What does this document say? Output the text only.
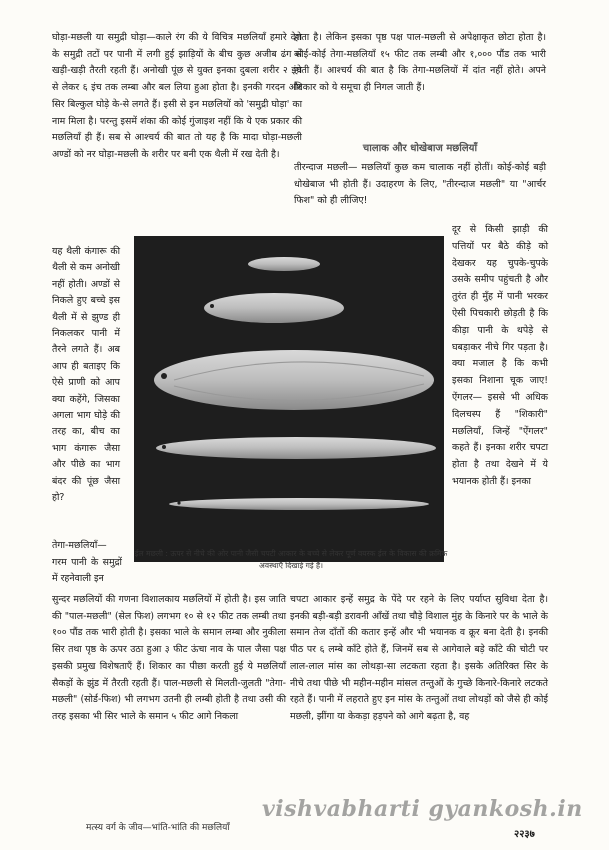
घोड़ा-मछली या समुद्री घोड़ा—काले रंग की ये विचित्र मछलियाँ हमारे देश के समुद्री तटों पर पानी में लगी हुई झाड़ियों के बीच कुछ अजीब ढंग से खड़ी-खड़ी तैरती रहती हैं। अनोखी पूंछ से युक्त इनका दुबला शरीर २ इंच से लेकर ६ इंच तक लम्बा और बल लिया हुआ होता है। इनकी गरदन और सिर बिल्कुल घोड़े के-से लगते हैं। इसी से इन मछलियों को 'समुद्री घोड़ा' का नाम मिला है। परन्तु इसमें शंका की कोई गुंजाइश नहीं कि ये एक प्रकार की मछलियाँ ही हैं। सब से आश्चर्य की बात तो यह है कि मादा घोड़ा-मछली अण्डों को नर घोड़ा-मछली के शरीर पर बनी एक थैली में रख देती है।

होता है। लेकिन इसका पृष्ठ पक्ष पाल-मछली से अपेक्षाकृत छोटा होता है। कोई-कोई तेगा-मछलियाँ १५ फीट तक लम्बी और १,००० पौंड तक भारी होती हैं। आश्चर्य की बात है कि तेगा-मछलियों में दांत नहीं होते। अपने शिकार को ये समूचा ही निगल जाती हैं।

चालाक और धोखेबाज मछलियाँ

तीरन्दाज मछली— मछलियाँ कुछ कम चालाक नहीं होतीं। कोई-कोई बड़ी धोखेबाज भी होती हैं। उदाहरण के लिए, "तीरन्दाज मछली" या "आर्चर फिश" को ही लीजिए!

यह थैली कंगारू की थैली से कम अनोखी नहीं होती। अण्डों से निकले हुए बच्चे इस थैली में से झुण्ड ही निकलकर पानी में तैरने लगते हैं। अब आप ही बताइए कि ऐसे प्राणी को आप क्या कहेंगे, जिसका अगला भाग घोड़े की तरह का, बीच का भाग कंगारू जैसा और पीछे का भाग बंदर की पूंछ जैसा हो?

दूर से किसी झाड़ी की पत्तियों पर बैठे कीड़े को देखकर यह चुपके-चुपके उसके समीप पहुंचती है और तुरंत ही मुँह में पानी भरकर ऐसी पिचकारी छोड़ती है कि कीड़ा पानी के थपेड़े से घबड़ाकर नीचे गिर पड़ता है। क्या मजाल है कि कभी इसका निशाना चूक जाए! ऐंगलर— इससे भी अधिक दिलचस्प हैं "शिकारी" मछलियाँ, जिन्हें "ऐंगलर" कहते हैं। इनका शरीर चपटा होता है तथा देखने में ये भयानक होती हैं। इनका

ईल मछली : ऊपर से नीचे की ओर पानी जैसी चपटी आकार के बच्चे से लेकर पूर्ण वयस्क ईल के विकास की क्रमिक अवस्थाएँ दिखाई गई हैं।

तेगा-मछलियाँ— गरम पानी के समुद्रों में रहनेवाली इन

सुन्दर मछलियों की गणना विशालकाय मछलियों में होती है। इस जाति की "पाल-मछली" (सेल फिश) लगभग १० से १२ फीट तक लम्बी तथा १०० पौंड तक भारी होती है। इसका भाले के समान लम्बा और नुकीला सिर तथा पृष्ठ के ऊपर उठा हुआ ३ फीट ऊंचा नाव के पाल जैसा पक्ष इसकी प्रमुख विशेषताएँ हैं। शिकार का पीछा करती हुई ये मछलियाँ सैकड़ों के झुंड में तैरती रहती हैं। पाल-मछली से मिलती-जुलती "तेगा-मछली" (सोर्ड-फिश) भी लगभग उतनी ही लम्बी होती है तथा उसी की तरह इसका भी सिर भाले के समान ५ फीट आगे निकला

चपटा आकार इन्हें समुद्र के पेंदे पर रहने के लिए पर्याप्त सुविधा देता है। इनकी बड़ी-बड़ी डरावनी आँखें तथा चौड़े विशाल मुंह के किनारे पर के भाले के समान तेज दाँतों की कतार इन्हें और भी भयानक व क्रूर बना देती है। इनकी पीठ पर ६ लम्बे काँटे होते हैं, जिनमें सब से आगेवाले बड़े काँटे की चोटी पर लाल-लाल मांस का लोथड़ा-सा लटकता रहता है। इसके अतिरिक्त सिर के नीचे तथा पीछे भी महीन-महीन मांसल तन्तुओं के गुच्छे किनारे-किनारे लटकते रहते हैं। पानी में लहराते हुए इन मांस के तन्तुओं तथा लोथड़ों को जैसे ही कोई मछली, झींगा या केकड़ा हड़पने को आगे बढ़ता है, वह

मत्स्य वर्ग के जीव—भांति-भांति की मछलियाँ
vishvabharti gyankosh.in
२२३७
